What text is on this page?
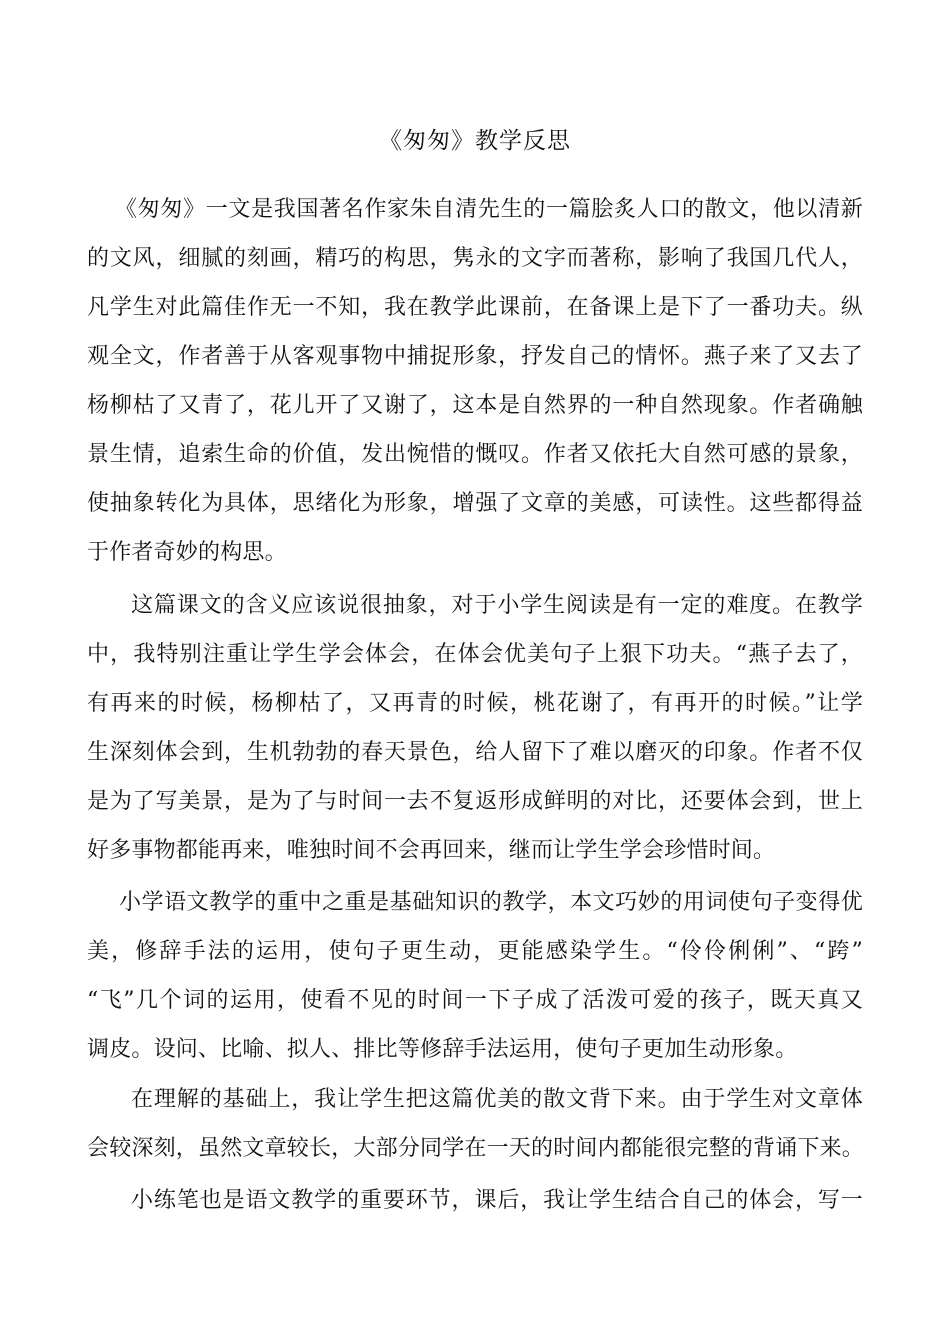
《匆匆》教学反思
《匆匆》一文是我国著名作家朱自清先生的一篇脍炙人口的散文，他以清新
的文风，细腻的刻画，精巧的构思，隽永的文字而著称，影响了我国几代人，
凡学生对此篇佳作无一不知，我在教学此课前，在备课上是下了一番功夫。纵
观全文，作者善于从客观事物中捕捉形象，抒发自己的情怀。燕子来了又去了
杨柳枯了又青了，花儿开了又谢了，这本是自然界的一种自然现象。作者确触
景生情，追索生命的价值，发出惋惜的慨叹。作者又依托大自然可感的景象，
使抽象转化为具体，思绪化为形象，增强了文章的美感，可读性。这些都得益
于作者奇妙的构思。
这篇课文的含义应该说很抽象，对于小学生阅读是有一定的难度。在教学
中，我特别注重让学生学会体会，在体会优美句子上狠下功夫。“燕子去了，
有再来的时候，杨柳枯了，又再青的时候，桃花谢了，有再开的时候。”让学
生深刻体会到，生机勃勃的春天景色，给人留下了难以磨灭的印象。作者不仅
是为了写美景，是为了与时间一去不复返形成鲜明的对比，还要体会到，世上
好多事物都能再来，唯独时间不会再回来，继而让学生学会珍惜时间。
小学语文教学的重中之重是基础知识的教学，本文巧妙的用词使句子变得优
美，修辞手法的运用，使句子更生动，更能感染学生。“伶伶俐俐”、“跨”
“飞”几个词的运用，使看不见的时间一下子成了活泼可爱的孩子，既天真又
调皮。设问、比喻、拟人、排比等修辞手法运用，使句子更加生动形象。
在理解的基础上，我让学生把这篇优美的散文背下来。由于学生对文章体
会较深刻，虽然文章较长，大部分同学在一天的时间内都能很完整的背诵下来。
小练笔也是语文教学的重要环节，课后，我让学生结合自己的体会，写一
